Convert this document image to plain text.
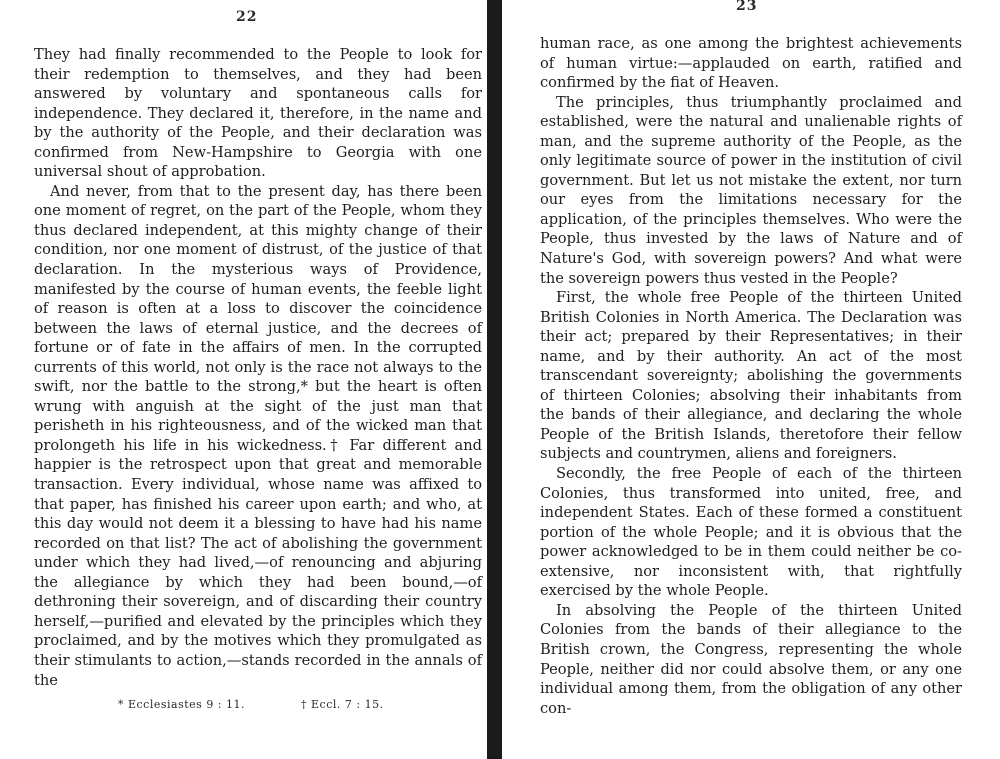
22

They had finally recommended to the People to look for their redemption to themselves, and they had been answered by voluntary and spontaneous calls for independence. They declared it, therefore, in the name and by the authority of the People, and their declaration was confirmed from New-Hampshire to Georgia with one universal shout of approbation.

And never, from that to the present day, has there been one moment of regret, on the part of the People, whom they thus declared independent, at this mighty change of their condition, nor one moment of distrust, of the justice of that declaration. In the mysterious ways of Providence, manifested by the course of human events, the feeble light of reason is often at a loss to discover the coincidence between the laws of eternal justice, and the decrees of fortune or of fate in the affairs of men. In the corrupted currents of this world, not only is the race not always to the swift, nor the battle to the strong,* but the heart is often wrung with anguish at the sight of the just man that perisheth in his righteousness, and of the wicked man that prolongeth his life in his wickedness.† Far different and happier is the retrospect upon that great and memorable transaction. Every individual, whose name was affixed to that paper, has finished his career upon earth; and who, at this day would not deem it a blessing to have had his name recorded on that list? The act of abolishing the government under which they had lived,—of renouncing and abjuring the allegiance by which they had been bound,—of dethroning their sovereign, and of discarding their country herself,—purified and elevated by the principles which they proclaimed, and by the motives which they promulgated as their stimulants to action,—stands recorded in the annals of the

* Ecclesiastes 9 : 11.	† Eccl. 7 : 15.
23

human race, as one among the brightest achievements of human virtue:—applauded on earth, ratified and confirmed by the fiat of Heaven.

The principles, thus triumphantly proclaimed and established, were the natural and unalienable rights of man, and the supreme authority of the People, as the only legitimate source of power in the institution of civil government. But let us not mistake the extent, nor turn our eyes from the limitations necessary for the application, of the principles themselves. Who were the People, thus invested by the laws of Nature and of Nature's God, with sovereign powers? And what were the sovereign powers thus vested in the People?

First, the whole free People of the thirteen United British Colonies in North America. The Declaration was their act; prepared by their Representatives; in their name, and by their authority. An act of the most transcendant sovereignty; abolishing the governments of thirteen Colonies; absolving their inhabitants from the bands of their allegiance, and declaring the whole People of the British Islands, theretofore their fellow subjects and countrymen, aliens and foreigners.

Secondly, the free People of each of the thirteen Colonies, thus transformed into united, free, and independent States. Each of these formed a constituent portion of the whole People; and it is obvious that the power acknowledged to be in them could neither be co-extensive, nor inconsistent with, that rightfully exercised by the whole People.

In absolving the People of the thirteen United Colonies from the bands of their allegiance to the British crown, the Congress, representing the whole People, neither did nor could absolve them, or any one individual among them, from the obligation of any other con-
